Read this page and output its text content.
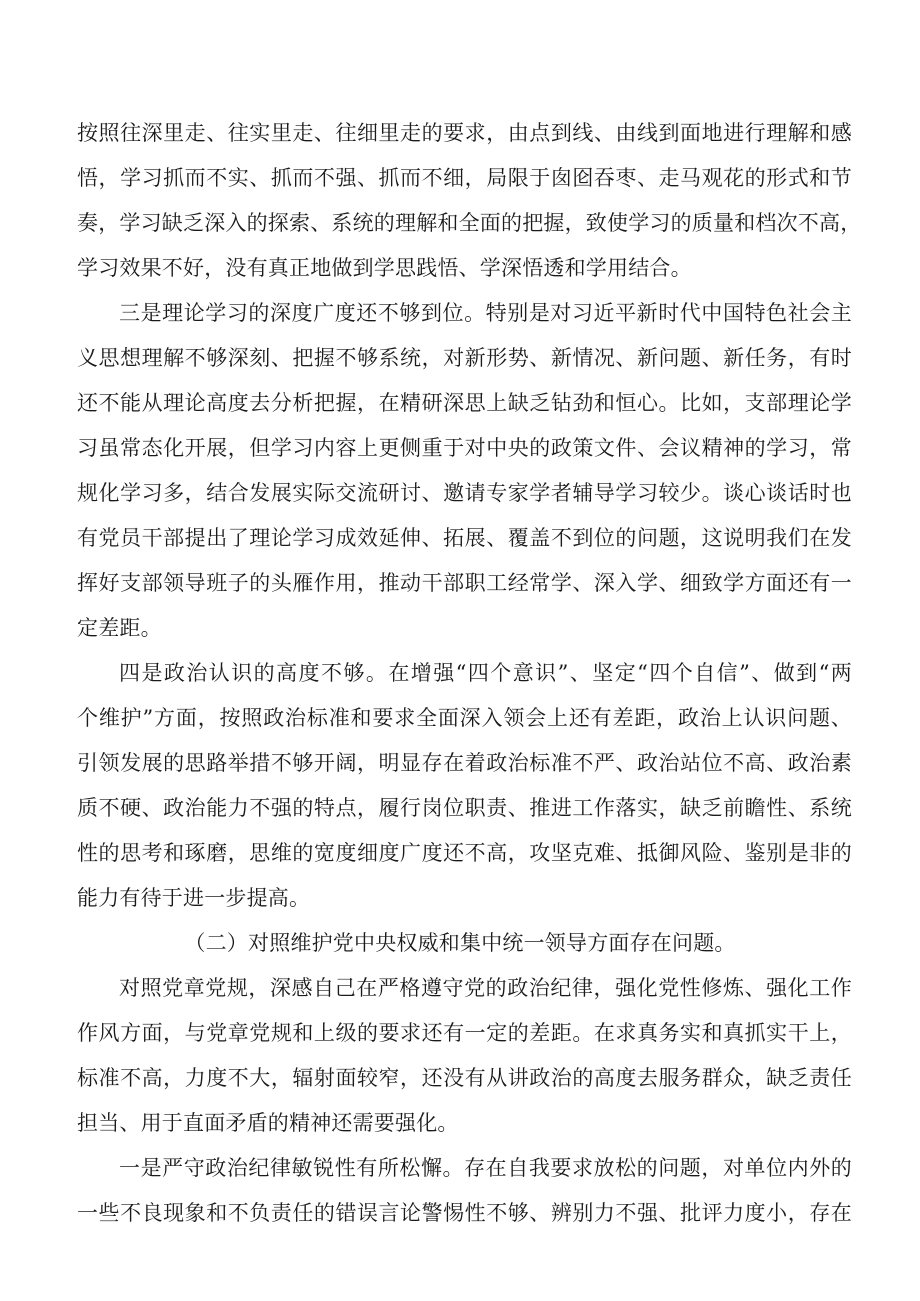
按照往深里走、往实里走、往细里走的要求，由点到线、由线到面地进行理解和感
悟，学习抓而不实、抓而不强、抓而不细，局限于囱囵吞枣、走马观花的形式和节
奏，学习缺乏深入的探索、系统的理解和全面的把握，致使学习的质量和档次不高，
学习效果不好，没有真正地做到学思践悟、学深悟透和学用结合。
三是理论学习的深度广度还不够到位。特别是对习近平新时代中国特色社会主
义思想理解不够深刻、把握不够系统，对新形势、新情况、新问题、新任务，有时
还不能从理论高度去分析把握，在精研深思上缺乏钻劲和恒心。比如，支部理论学
习虽常态化开展，但学习内容上更侧重于对中央的政策文件、会议精神的学习，常
规化学习多，结合发展实际交流研讨、邀请专家学者辅导学习较少。谈心谈话时也
有党员干部提出了理论学习成效延伸、拓展、覆盖不到位的问题，这说明我们在发
挥好支部领导班子的头雁作用，推动干部职工经常学、深入学、细致学方面还有一
定差距。
四是政治认识的高度不够。在增强“四个意识”、坚定“四个自信”、做到“两
个维护”方面，按照政治标准和要求全面深入领会上还有差距，政治上认识问题、
引领发展的思路举措不够开阔，明显存在着政治标准不严、政治站位不高、政治素
质不硬、政治能力不强的特点，履行岗位职责、推进工作落实，缺乏前瞻性、系统
性的思考和琢磨，思维的宽度细度广度还不高，攻坚克难、抵御风险、鉴别是非的
能力有待于进一步提高。
（二）对照维护党中央权威和集中统一领导方面存在问题。
对照党章党规，深感自己在严格遵守党的政治纪律，强化党性修炼、强化工作
作风方面，与党章党规和上级的要求还有一定的差距。在求真务实和真抓实干上，
标准不高，力度不大，辐射面较窄，还没有从讲政治的高度去服务群众，缺乏责任
担当、用于直面矛盾的精神还需要强化。
一是严守政治纪律敏锐性有所松懈。存在自我要求放松的问题，对单位内外的
一些不良现象和不负责任的错误言论警惕性不够、辨别力不强、批评力度小，存在
